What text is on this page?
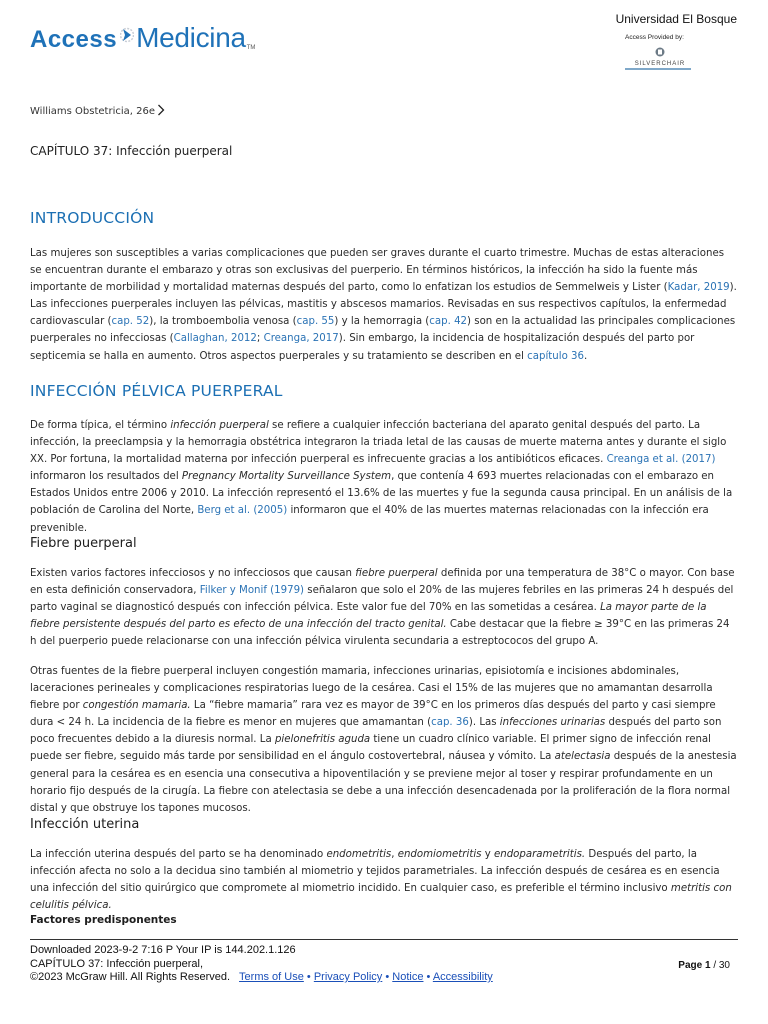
Access Medicina TM
Universidad El Bosque
Access Provided by:
SILVERCHAIR
Williams Obstetricia, 26e
CAPÍTULO 37: Infección puerperal
INTRODUCCIÓN
Las mujeres son susceptibles a varias complicaciones que pueden ser graves durante el cuarto trimestre. Muchas de estas alteraciones se encuentran durante el embarazo y otras son exclusivas del puerperio. En términos históricos, la infección ha sido la fuente más importante de morbilidad y mortalidad maternas después del parto, como lo enfatizan los estudios de Semmelweis y Lister (Kadar, 2019). Las infecciones puerperales incluyen las pélvicas, mastitis y abscesos mamarios. Revisadas en sus respectivos capítulos, la enfermedad cardiovascular (cap. 52), la tromboembolia venosa (cap. 55) y la hemorragia (cap. 42) son en la actualidad las principales complicaciones puerperales no infecciosas (Callaghan, 2012; Creanga, 2017). Sin embargo, la incidencia de hospitalización después del parto por septicemia se halla en aumento. Otros aspectos puerperales y su tratamiento se describen en el capítulo 36.
INFECCIÓN PÉLVICA PUERPERAL
De forma típica, el término infección puerperal se refiere a cualquier infección bacteriana del aparato genital después del parto. La infección, la preeclampsia y la hemorragia obstétrica integraron la triada letal de las causas de muerte materna antes y durante el siglo XX. Por fortuna, la mortalidad materna por infección puerperal es infrecuente gracias a los antibióticos eficaces. Creanga et al. (2017) informaron los resultados del Pregnancy Mortality Surveillance System, que contenía 4 693 muertes relacionadas con el embarazo en Estados Unidos entre 2006 y 2010. La infección representó el 13.6% de las muertes y fue la segunda causa principal. En un análisis de la población de Carolina del Norte, Berg et al. (2005) informaron que el 40% de las muertes maternas relacionadas con la infección era prevenible.
Fiebre puerperal
Existen varios factores infecciosos y no infecciosos que causan fiebre puerperal definida por una temperatura de 38°C o mayor. Con base en esta definición conservadora, Filker y Monif (1979) señalaron que solo el 20% de las mujeres febriles en las primeras 24 h después del parto vaginal se diagnosticó después con infección pélvica. Este valor fue del 70% en las sometidas a cesárea. La mayor parte de la fiebre persistente después del parto es efecto de una infección del tracto genital. Cabe destacar que la fiebre ≥ 39°C en las primeras 24 h del puerperio puede relacionarse con una infección pélvica virulenta secundaria a estreptococos del grupo A.
Otras fuentes de la fiebre puerperal incluyen congestión mamaria, infecciones urinarias, episiotomía e incisiones abdominales, laceraciones perineales y complicaciones respiratorias luego de la cesárea. Casi el 15% de las mujeres que no amamantan desarrolla fiebre por congestión mamaria. La “fiebre mamaria” rara vez es mayor de 39°C en los primeros días después del parto y casi siempre dura < 24 h. La incidencia de la fiebre es menor en mujeres que amamantan (cap. 36). Las infecciones urinarias después del parto son poco frecuentes debido a la diuresis normal. La pielonefritis aguda tiene un cuadro clínico variable. El primer signo de infección renal puede ser fiebre, seguido más tarde por sensibilidad en el ángulo costovertebral, náusea y vómito. La atelectasia después de la anestesia general para la cesárea es en esencia una consecutiva a hipoventilación y se previene mejor al toser y respirar profundamente en un horario fijo después de la cirugía. La fiebre con atelectasia se debe a una infección desencadenada por la proliferación de la flora normal distal y que obstruye los tapones mucosos.
Infección uterina
La infección uterina después del parto se ha denominado endometritis, endomiometritis y endoparametritis. Después del parto, la infección afecta no solo a la decidua sino también al miometrio y tejidos parametriales. La infección después de cesárea es en esencia una infección del sitio quirúrgico que compromete al miometrio incidido. En cualquier caso, es preferible el término inclusivo metritis con celulitis pélvica.
Factores predisponentes
Downloaded 2023-9-2 7:16 P Your IP is 144.202.1.126
CAPÍTULO 37: Infección puerperal,
©2023 McGraw Hill. All Rights Reserved. Terms of Use • Privacy Policy • Notice • Accessibility
Page 1 / 30
